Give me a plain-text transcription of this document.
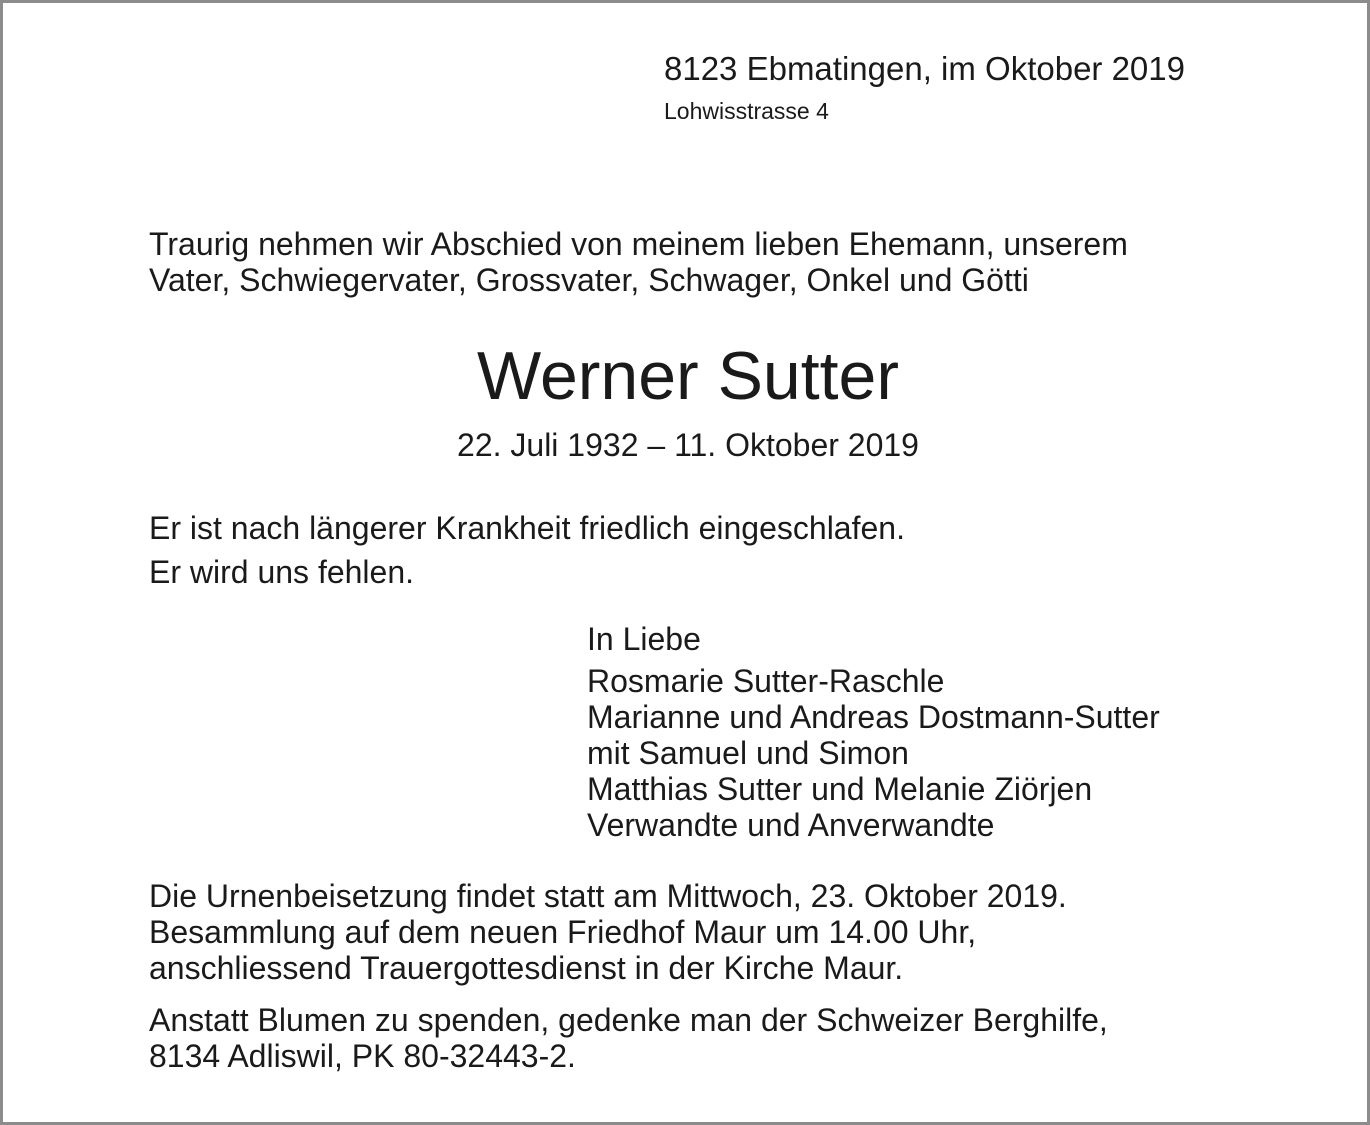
8123 Ebmatingen, im Oktober 2019
Lohwisstrasse 4
Traurig nehmen wir Abschied von meinem lieben Ehemann, unserem
Vater, Schwiegervater, Grossvater, Schwager, Onkel und Götti
Werner Sutter
22. Juli 1932 – 11. Oktober 2019
Er ist nach längerer Krankheit friedlich eingeschlafen.
Er wird uns fehlen.
In Liebe
Rosmarie Sutter-Raschle
Marianne und Andreas Dostmann-Sutter
mit Samuel und Simon
Matthias Sutter und Melanie Ziörjen
Verwandte und Anverwandte
Die Urnenbeisetzung findet statt am Mittwoch, 23. Oktober 2019.
Besammlung auf dem neuen Friedhof Maur um 14.00 Uhr,
anschliessend Trauergottesdienst in der Kirche Maur.
Anstatt Blumen zu spenden, gedenke man der Schweizer Berghilfe,
8134 Adliswil, PK 80-32443-2.
